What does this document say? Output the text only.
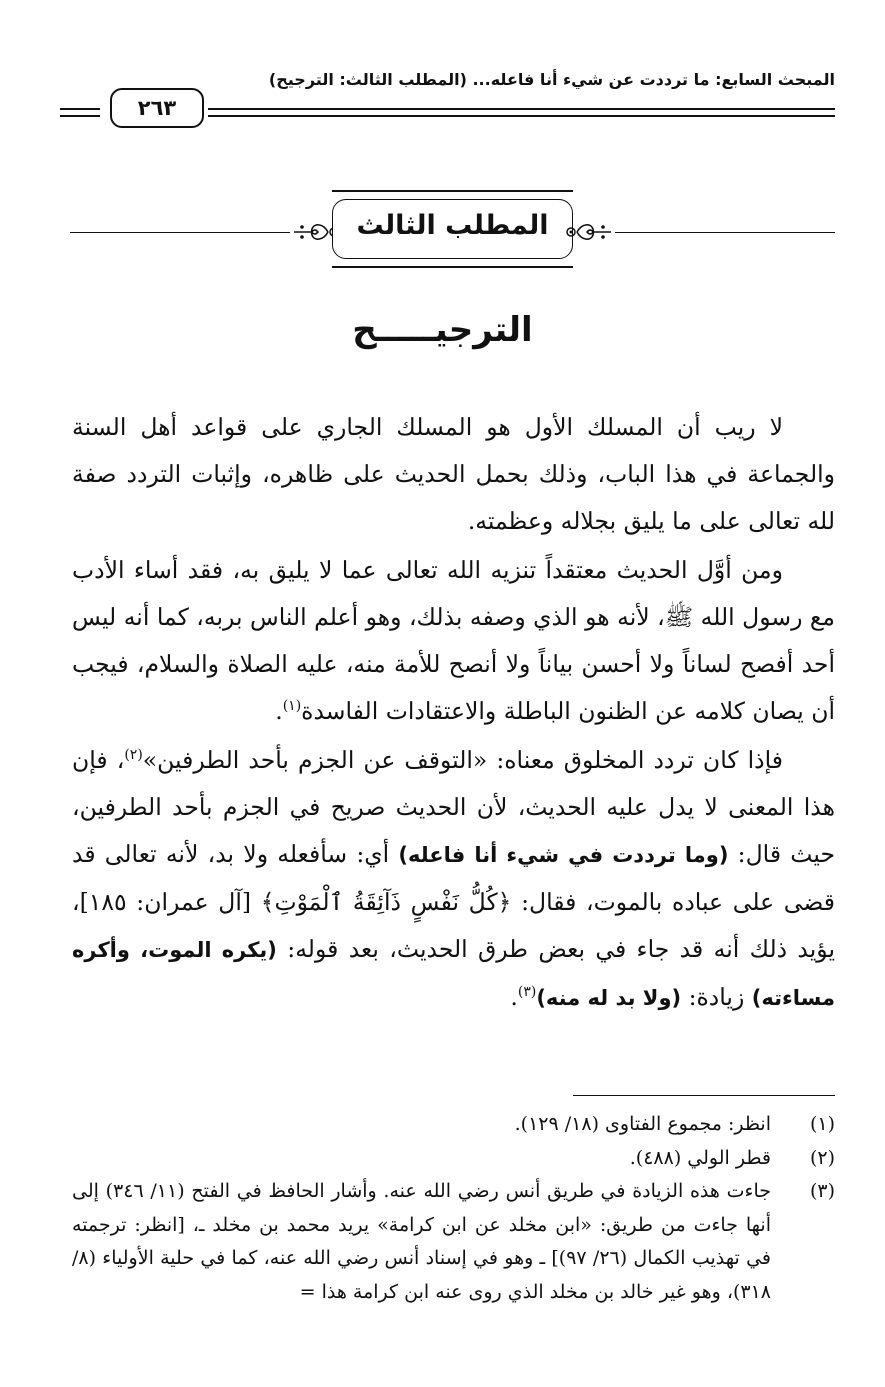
المبحث السابع: ما ترددت عن شيء أنا فاعله... (المطلب الثالث: الترجيح)
٢٦٣
المطلب الثالث
الترجيـــــح

لا ريب أن المسلك الأول هو المسلك الجاري على قواعد أهل السنة والجماعة في هذا الباب، وذلك بحمل الحديث على ظاهره، وإثبات التردد صفة لله تعالى على ما يليق بجلاله وعظمته.

ومن أوَّل الحديث معتقداً تنزيه الله تعالى عما لا يليق به، فقد أساء الأدب مع رسول الله ﷺ، لأنه هو الذي وصفه بذلك، وهو أعلم الناس بربه، كما أنه ليس أحد أفصح لساناً ولا أحسن بياناً ولا أنصح للأمة منه، عليه الصلاة والسلام، فيجب أن يصان كلامه عن الظنون الباطلة والاعتقادات الفاسدة$^{(١)}$.

فإذا كان تردد المخلوق معناه: «التوقف عن الجزم بأحد الطرفين»$^{(٢)}$، فإن هذا المعنى لا يدل عليه الحديث، لأن الحديث صريح في الجزم بأحد الطرفين، حيث قال: (وما ترددت في شيء أنا فاعله) أي: سأفعله ولا بد، لأنه تعالى قد قضى على عباده بالموت، فقال: ﴿كُلُّ نَفْسٍ ذَآئِقَةُ ٱلْمَوْتِ﴾ [آل عمران: ١٨٥]، يؤيد ذلك أنه قد جاء في بعض طرق الحديث، بعد قوله: (يكره الموت، وأكره مساءته) زيادة: (ولا بد له منه)$^{(٣)}$.

(١)
انظر: مجموع الفتاوى (١٨/ ١٢٩).
(٢)
قطر الولي (٤٨٨).
(٣)
جاءت هذه الزيادة في طريق أنس رضي الله عنه. وأشار الحافظ في الفتح (١١/ ٣٤٦) إلى أنها جاءت من طريق: «ابن مخلد عن ابن كرامة» يريد محمد بن مخلد ـ، [انظر: ترجمته في تهذيب الكمال (٢٦/ ٩٧)] ـ وهو في إسناد أنس رضي الله عنه، كما في حلية الأولياء (٨/ ٣١٨)، وهو غير خالد بن مخلد الذي روى عنه ابن كرامة هذا =
